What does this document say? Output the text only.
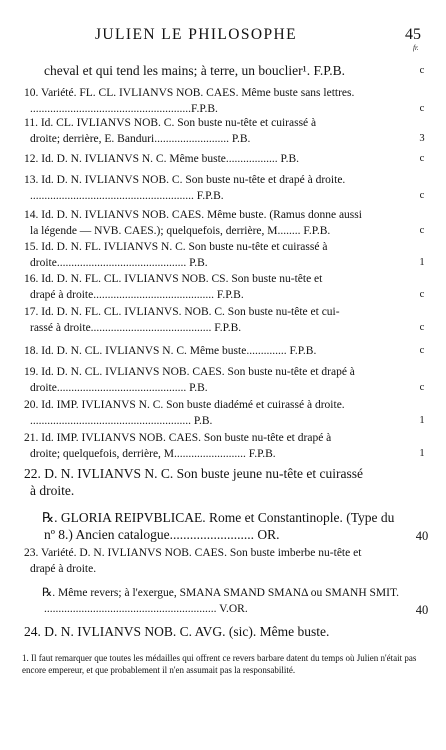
JULIEN LE PHILOSOPHE	45
fr.
cheval et qui tend les mains; à terre, un bouclier¹. F.P.B.	c
10. Variété. FL. CL. IVLIANVS NOB. CAES. Même buste sans lettres.
........................................................F.P.B.	c
11. Id. CL. IVLIANVS NOB. C. Son buste nu-tête et cuirassé à
droite; derrière, E. Banduri.......................... P.B.	3
12. Id. D. N. IVLIANVS N. C. Même buste.................. P.B.	c
13. Id. D. N. IVLIANVS NOB. C. Son buste nu-tête et drapé à droite.
......................................................... F.P.B.	c
14. Id. D. N. IVLIANVS NOB. CAES. Même buste. (Ramus donne aussi
la légende — NVB. CAES.); quelquefois, derrière, M........ F.P.B.	c
15. Id. D. N. FL. IVLIANVS N. C. Son buste nu-tête et cuirassé à
droite............................................. P.B.	1
16. Id. D. N. FL. CL. IVLIANVS NOB. CS. Son buste nu-tête et
drapé à droite.......................................... F.P.B.	c
17. Id. D. N. FL. CL. IVLIANVS. NOB. C. Son buste nu-tête et cui-
rassé à droite.......................................... F.P.B.	c
18. Id. D. N. CL. IVLIANVS N. C. Même buste.............. F.P.B.	c
19. Id. D. N. CL. IVLIANVS NOB. CAES. Son buste nu-tête et drapé à
droite............................................. P.B.	c
20. Id. IMP. IVLIANVS N. C. Son buste diadémé et cuirassé à droite.
........................................................ P.B.	1
21. Id. IMP. IVLIANVS NOB. CAES. Son buste nu-tête et drapé à
droite; quelquefois, derrière, M......................... F.P.B.	1
22. D. N. IVLIANVS N. C. Son buste jeune nu-tête et cuirassé
à droite.
℞. GLORIA REIPVBLICAE. Rome et Constantinople. (Type du
nº 8.) Ancien catalogue......................... OR.	40
23. Variété. D. N. IVLIANVS NOB. CAES. Son buste imberbe nu-tête et
drapé à droite.
℞. Même revers; à l'exergue, SMANA SMAND SMANΔ ou SMANH SMIT.
............................................................ V.OR.	40
24. D. N. IVLIANVS NOB. C. AVG. (sic). Même buste.
1. Il faut remarquer que toutes les médailles qui offrent ce revers barbare datent du temps où Julien n'était pas encore empereur, et que probablement il n'en assumait pas la responsabilité.
